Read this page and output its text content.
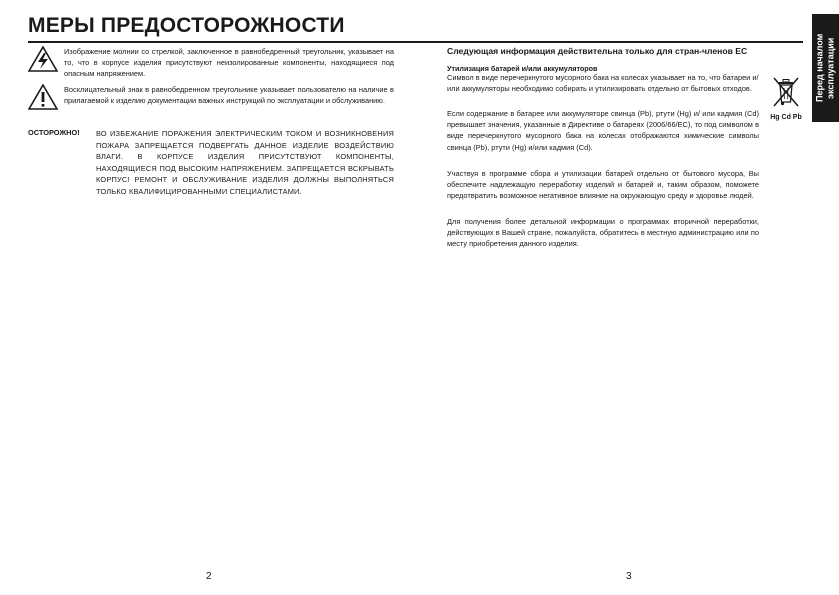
МЕРЫ ПРЕДОСТОРОЖНОСТИ
Перед началом эксплуатации

Изображение молнии со стрелкой, заключенное в равнобедренный треугольник, указывает на то, что в корпусе изделия присутствуют неизолированные компоненты, находящиеся под опасным напряжением.

Восклицательный знак в равнобедренном треугольнике указывает пользователю на наличие в прилагаемой к изделию документации важных инструкций по эксплуатации и обслуживанию.

ОСТОРОЖНО! ВО ИЗБЕЖАНИЕ ПОРАЖЕНИЯ ЭЛЕКТРИЧЕСКИМ ТОКОМ И ВОЗНИКНОВЕНИЯ ПОЖАРА ЗАПРЕЩАЕТСЯ ПОДВЕРГАТЬ ДАННОЕ ИЗДЕЛИЕ ВОЗДЕЙСТВИЮ ВЛАГИ. В КОРПУСЕ ИЗДЕЛИЯ ПРИСУТСТВУЮТ КОМПОНЕНТЫ, НАХОДЯЩИЕСЯ ПОД ВЫСОКИМ НАПРЯЖЕНИЕМ. ЗАПРЕЩАЕТСЯ ВСКРЫВАТЬ КОРПУС! РЕМОНТ И ОБСЛУЖИВАНИЕ ИЗДЕЛИЯ ДОЛЖНЫ ВЫПОЛНЯТЬСЯ ТОЛЬКО КВАЛИФИЦИРОВАННЫМИ СПЕЦИАЛИСТАМИ.

2
Следующая информация действительна только для стран-членов ЕС
Утилизация батарей и/или аккумуляторов

Символ в виде перечеркнутого мусорного бака на колесах указывает на то, что батареи и/или аккумуляторы необходимо собирать и утилизировать отдельно от бытовых отходов.

Если содержание в батарее или аккумуляторе свинца (Pb), ртути (Hg) и/ или кадмия (Cd) превышает значения, указанные в Директиве о батареях (2006/66/EC), то под символом в виде перечеркнутого мусорного бака на колесах отображаются химические символы свинца (Pb), ртути (Hg) и/или кадмия (Cd).

Участвуя в программе сбора и утилизации батарей отдельно от бытового мусора, Вы обеспечите надлежащую переработку изделий и батарей и, таким образом, поможете предотвратить возможное негативное влияние на окружающую среду и здоровье людей.

Для получения более детальной информации о программах вторичной переработки, действующих в Вашей стране, пожалуйста, обратитесь в местную администрацию или по месту приобретения данного изделия.

Hg Cd Pb
3
